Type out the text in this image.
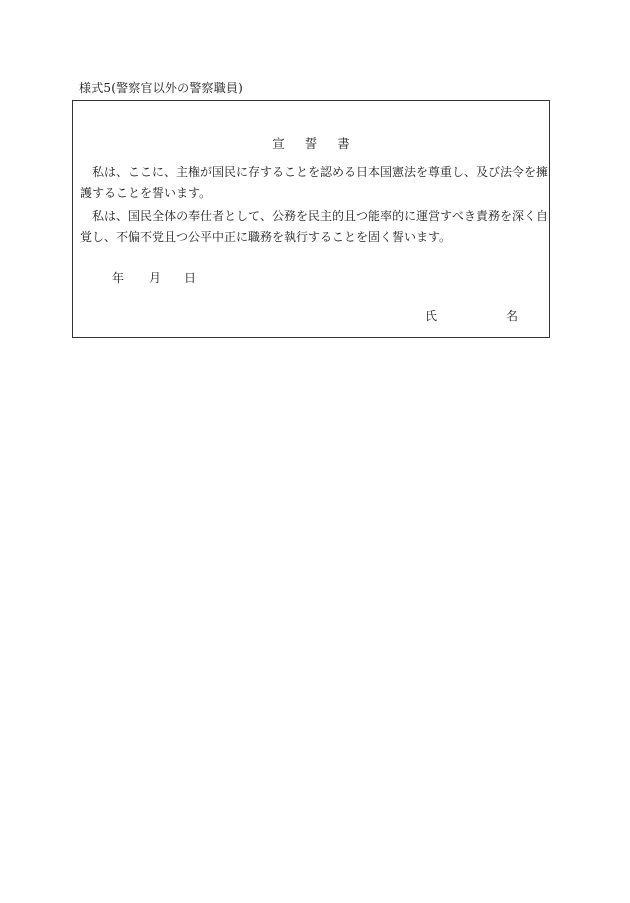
様式5(警察官以外の警察職員)
宣 誓 書

私は、ここに、主権が国民に存することを認める日本国憲法を尊重し、及び法令を擁護することを誓います。

私は、国民全体の奉仕者として、公務を民主的且つ能率的に運営すべき責務を深く自覚し、不偏不党且つ公平中正に職務を執行することを固く誓います。

年 月 日
氏	名
